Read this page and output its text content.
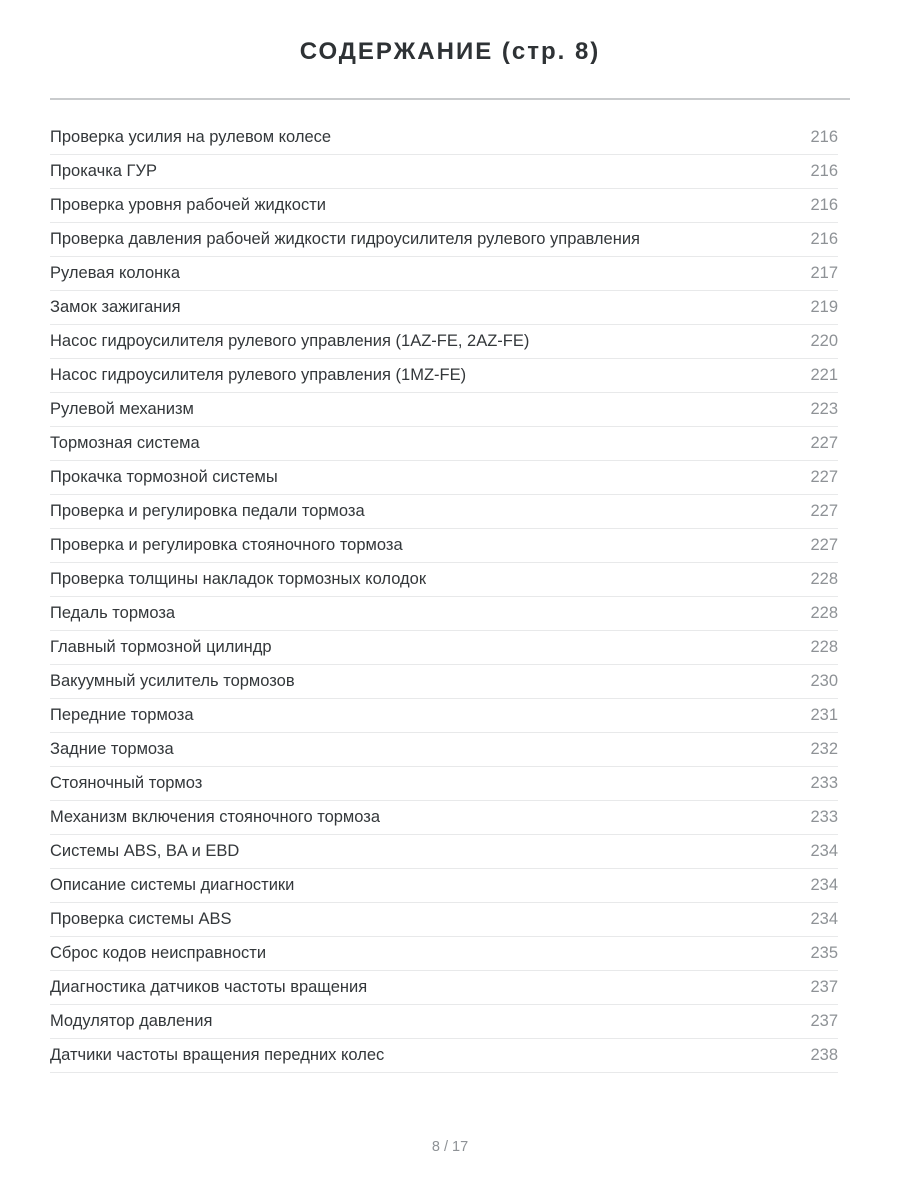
СОДЕРЖАНИЕ (стр. 8)
Проверка усилия на рулевом колесе	216
Прокачка ГУР	216
Проверка уровня рабочей жидкости	216
Проверка давления рабочей жидкости гидроусилителя рулевого управления	216
Рулевая колонка	217
Замок зажигания	219
Насос гидроусилителя рулевого управления (1AZ-FE, 2AZ-FE)	220
Насос гидроусилителя рулевого управления (1MZ-FE)	221
Рулевой механизм	223
Тормозная система	227
Прокачка тормозной системы	227
Проверка и регулировка педали тормоза	227
Проверка и регулировка стояночного тормоза	227
Проверка толщины накладок тормозных колодок	228
Педаль тормоза	228
Главный тормозной цилиндр	228
Вакуумный усилитель тормозов	230
Передние тормоза	231
Задние тормоза	232
Стояночный тормоз	233
Механизм включения стояночного тормоза	233
Системы ABS, BA и EBD	234
Описание системы диагностики	234
Проверка системы ABS	234
Сброс кодов неисправности	235
Диагностика датчиков частоты вращения	237
Модулятор давления	237
Датчики частоты вращения передних колес	238
8 / 17
